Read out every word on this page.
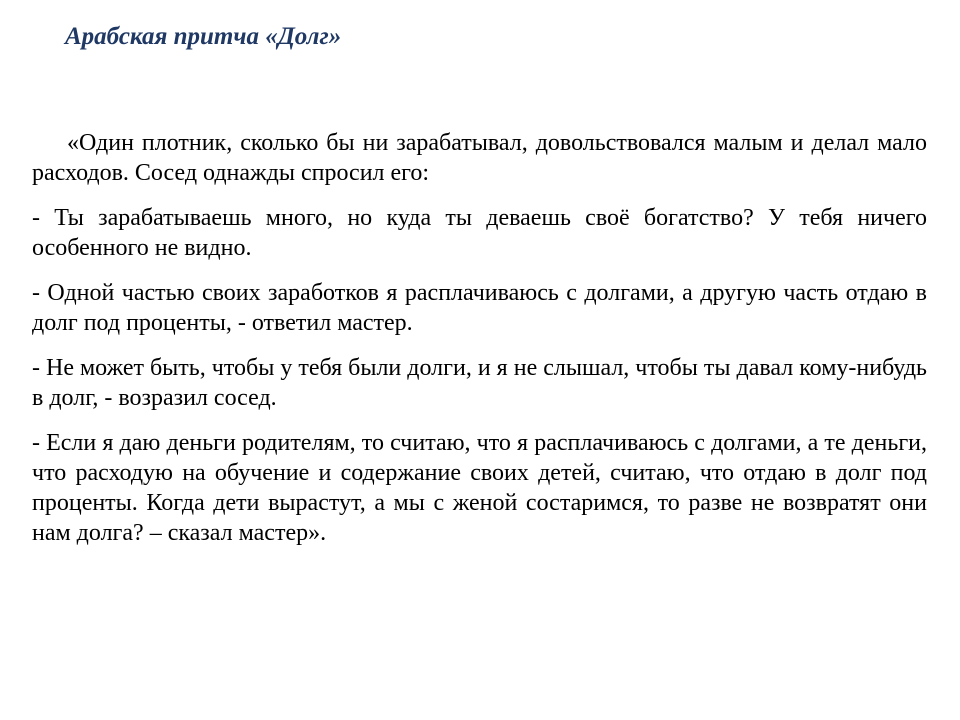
Арабская притча «Долг»

«Один плотник, сколько бы ни зарабатывал, довольствовался малым и делал мало расходов. Сосед однажды спросил его:

- Ты зарабатываешь много, но куда ты деваешь своё богатство? У тебя ничего особенного не видно.

- Одной частью своих заработков я расплачиваюсь с долгами, а другую часть отдаю в долг под проценты, - ответил мастер.

- Не может быть, чтобы у тебя были долги, и я не слышал, чтобы ты давал кому-нибудь в долг, - возразил сосед.

- Если я даю деньги родителям, то считаю, что я расплачиваюсь с долгами, а те деньги, что расходую на обучение и содержание своих детей, считаю, что отдаю в долг под проценты. Когда дети вырастут, а мы с женой состаримся, то разве не возвратят они нам долга? – сказал мастер».
